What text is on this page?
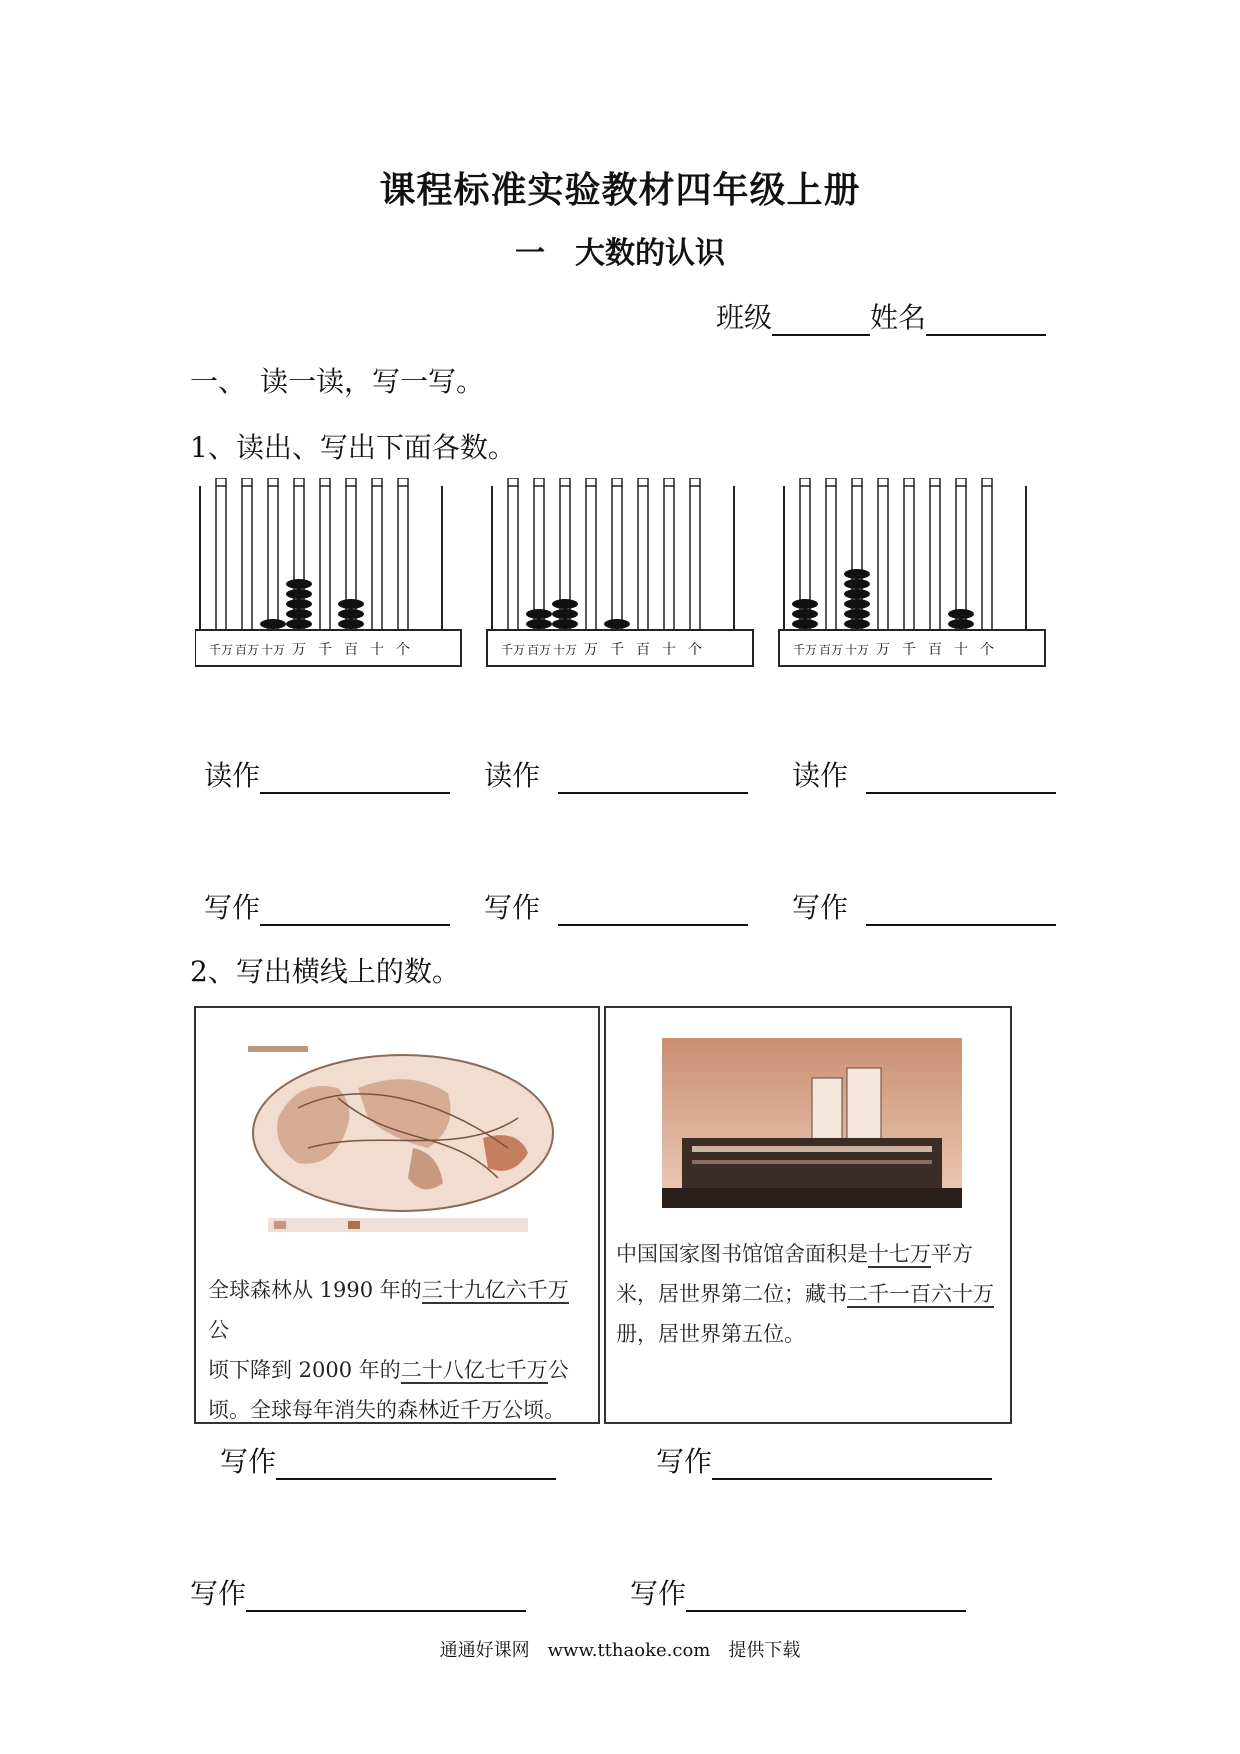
课程标准实验教材四年级上册
一　大数的认识
班级	姓名
一、　读一读，写一写。
1、读出、写出下面各数。
千万 百万 十万 万 千 百 十 个	千万 百万 十万 万 千 百 十 个	千万 百万 十万 万 千 百 十 个
读作	读作	读作
写作	写作	写作
2、写出横线上的数。
全球森林从 1990 年的三十九亿六千万公
顷下降到 2000 年的二十八亿七千万公
顷。全球每年消失的森林近千万公顷。
中国国家图书馆馆舍面积是十七万平方
米，居世界第二位；藏书二千一百六十万
册，居世界第五位。
写作	写作
写作	写作
通通好课网　www.tthaoke.com　提供下载
